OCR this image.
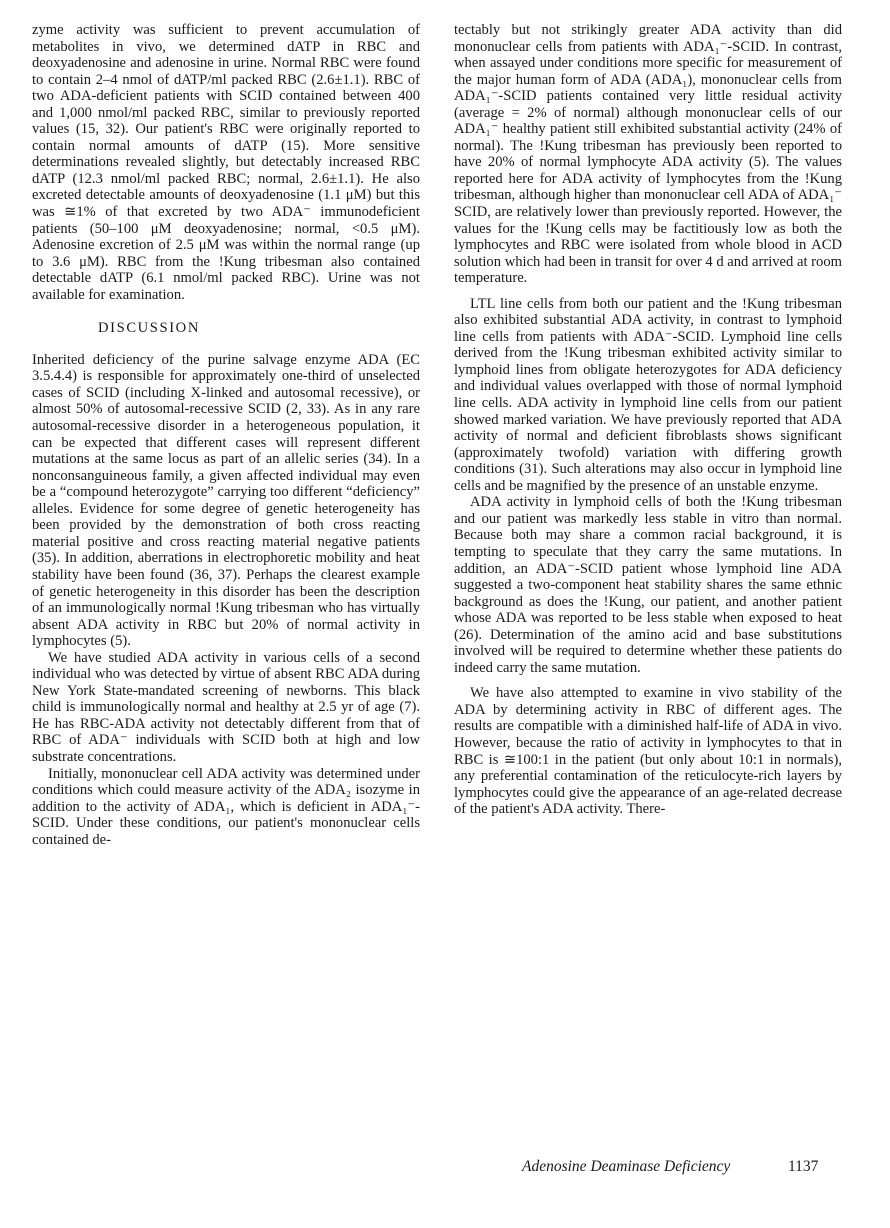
zyme activity was sufficient to prevent accumulation of metabolites in vivo, we determined dATP in RBC and deoxyadenosine and adenosine in urine. Normal RBC were found to contain 2–4 nmol of dATP/ml packed RBC (2.6±1.1). RBC of two ADA-deficient patients with SCID contained between 400 and 1,000 nmol/ml packed RBC, similar to previously reported values (15, 32). Our patient's RBC were originally reported to contain normal amounts of dATP (15). More sensitive determinations revealed slightly, but detectably increased RBC dATP (12.3 nmol/ml packed RBC; normal, 2.6±1.1). He also excreted detectable amounts of deoxyadenosine (1.1 μM) but this was ≅1% of that excreted by two ADA⁻ immunodeficient patients (50–100 μM deoxyadenosine; normal, <0.5 μM). Adenosine excretion of 2.5 μM was within the normal range (up to 3.6 μM). RBC from the !Kung tribesman also contained detectable dATP (6.1 nmol/ml packed RBC). Urine was not available for examination.

DISCUSSION

Inherited deficiency of the purine salvage enzyme ADA (EC 3.5.4.4) is responsible for approximately one-third of unselected cases of SCID (including X-linked and autosomal recessive), or almost 50% of autosomal-recessive SCID (2, 33). As in any rare autosomal-recessive disorder in a heterogeneous population, it can be expected that different cases will represent different mutations at the same locus as part of an allelic series (34). In a nonconsanguineous family, a given affected individual may even be a “compound heterozygote” carrying too different “deficiency” alleles. Evidence for some degree of genetic heterogeneity has been provided by the demonstration of both cross reacting material positive and cross reacting material negative patients (35). In addition, aberrations in electrophoretic mobility and heat stability have been found (36, 37). Perhaps the clearest example of genetic heterogeneity in this disorder has been the description of an immunologically normal !Kung tribesman who has virtually absent ADA activity in RBC but 20% of normal activity in lymphocytes (5).

We have studied ADA activity in various cells of a second individual who was detected by virtue of absent RBC ADA during New York State-mandated screening of newborns. This black child is immunologically normal and healthy at 2.5 yr of age (7). He has RBC-ADA activity not detectably different from that of RBC of ADA⁻ individuals with SCID both at high and low substrate concentrations.

Initially, mononuclear cell ADA activity was determined under conditions which could measure activity of the ADA₂ isozyme in addition to the activity of ADA₁, which is deficient in ADA₁⁻-SCID. Under these conditions, our patient's mononuclear cells contained de-

tectably but not strikingly greater ADA activity than did mononuclear cells from patients with ADA₁⁻-SCID. In contrast, when assayed under conditions more specific for measurement of the major human form of ADA (ADA₁), mononuclear cells from ADA₁⁻-SCID patients contained very little residual activity (average = 2% of normal) although mononuclear cells of our ADA₁⁻ healthy patient still exhibited substantial activity (24% of normal). The !Kung tribesman has previously been reported to have 20% of normal lymphocyte ADA activity (5). The values reported here for ADA activity of lymphocytes from the !Kung tribesman, although higher than mononuclear cell ADA of ADA₁⁻ SCID, are relatively lower than previously reported. However, the values for the !Kung cells may be factitiously low as both the lymphocytes and RBC were isolated from whole blood in ACD solution which had been in transit for over 4 d and arrived at room temperature.

LTL line cells from both our patient and the !Kung tribesman also exhibited substantial ADA activity, in contrast to lymphoid line cells from patients with ADA⁻-SCID. Lymphoid line cells derived from the !Kung tribesman exhibited activity similar to lymphoid lines from obligate heterozygotes for ADA deficiency and individual values overlapped with those of normal lymphoid line cells. ADA activity in lymphoid line cells from our patient showed marked variation. We have previously reported that ADA activity of normal and deficient fibroblasts shows significant (approximately twofold) variation with differing growth conditions (31). Such alterations may also occur in lymphoid line cells and be magnified by the presence of an unstable enzyme.

ADA activity in lymphoid cells of both the !Kung tribesman and our patient was markedly less stable in vitro than normal. Because both may share a common racial background, it is tempting to speculate that they carry the same mutations. In addition, an ADA⁻-SCID patient whose lymphoid line ADA suggested a two-component heat stability shares the same ethnic background as does the !Kung, our patient, and another patient whose ADA was reported to be less stable when exposed to heat (26). Determination of the amino acid and base substitutions involved will be required to determine whether these patients do indeed carry the same mutation.

We have also attempted to examine in vivo stability of the ADA by determining activity in RBC of different ages. The results are compatible with a diminished half-life of ADA in vivo. However, because the ratio of activity in lymphocytes to that in RBC is ≅100:1 in the patient (but only about 10:1 in normals), any preferential contamination of the reticulocyte-rich layers by lymphocytes could give the appearance of an age-related decrease of the patient's ADA activity. There-

Adenosine Deaminase Deficiency	1137
